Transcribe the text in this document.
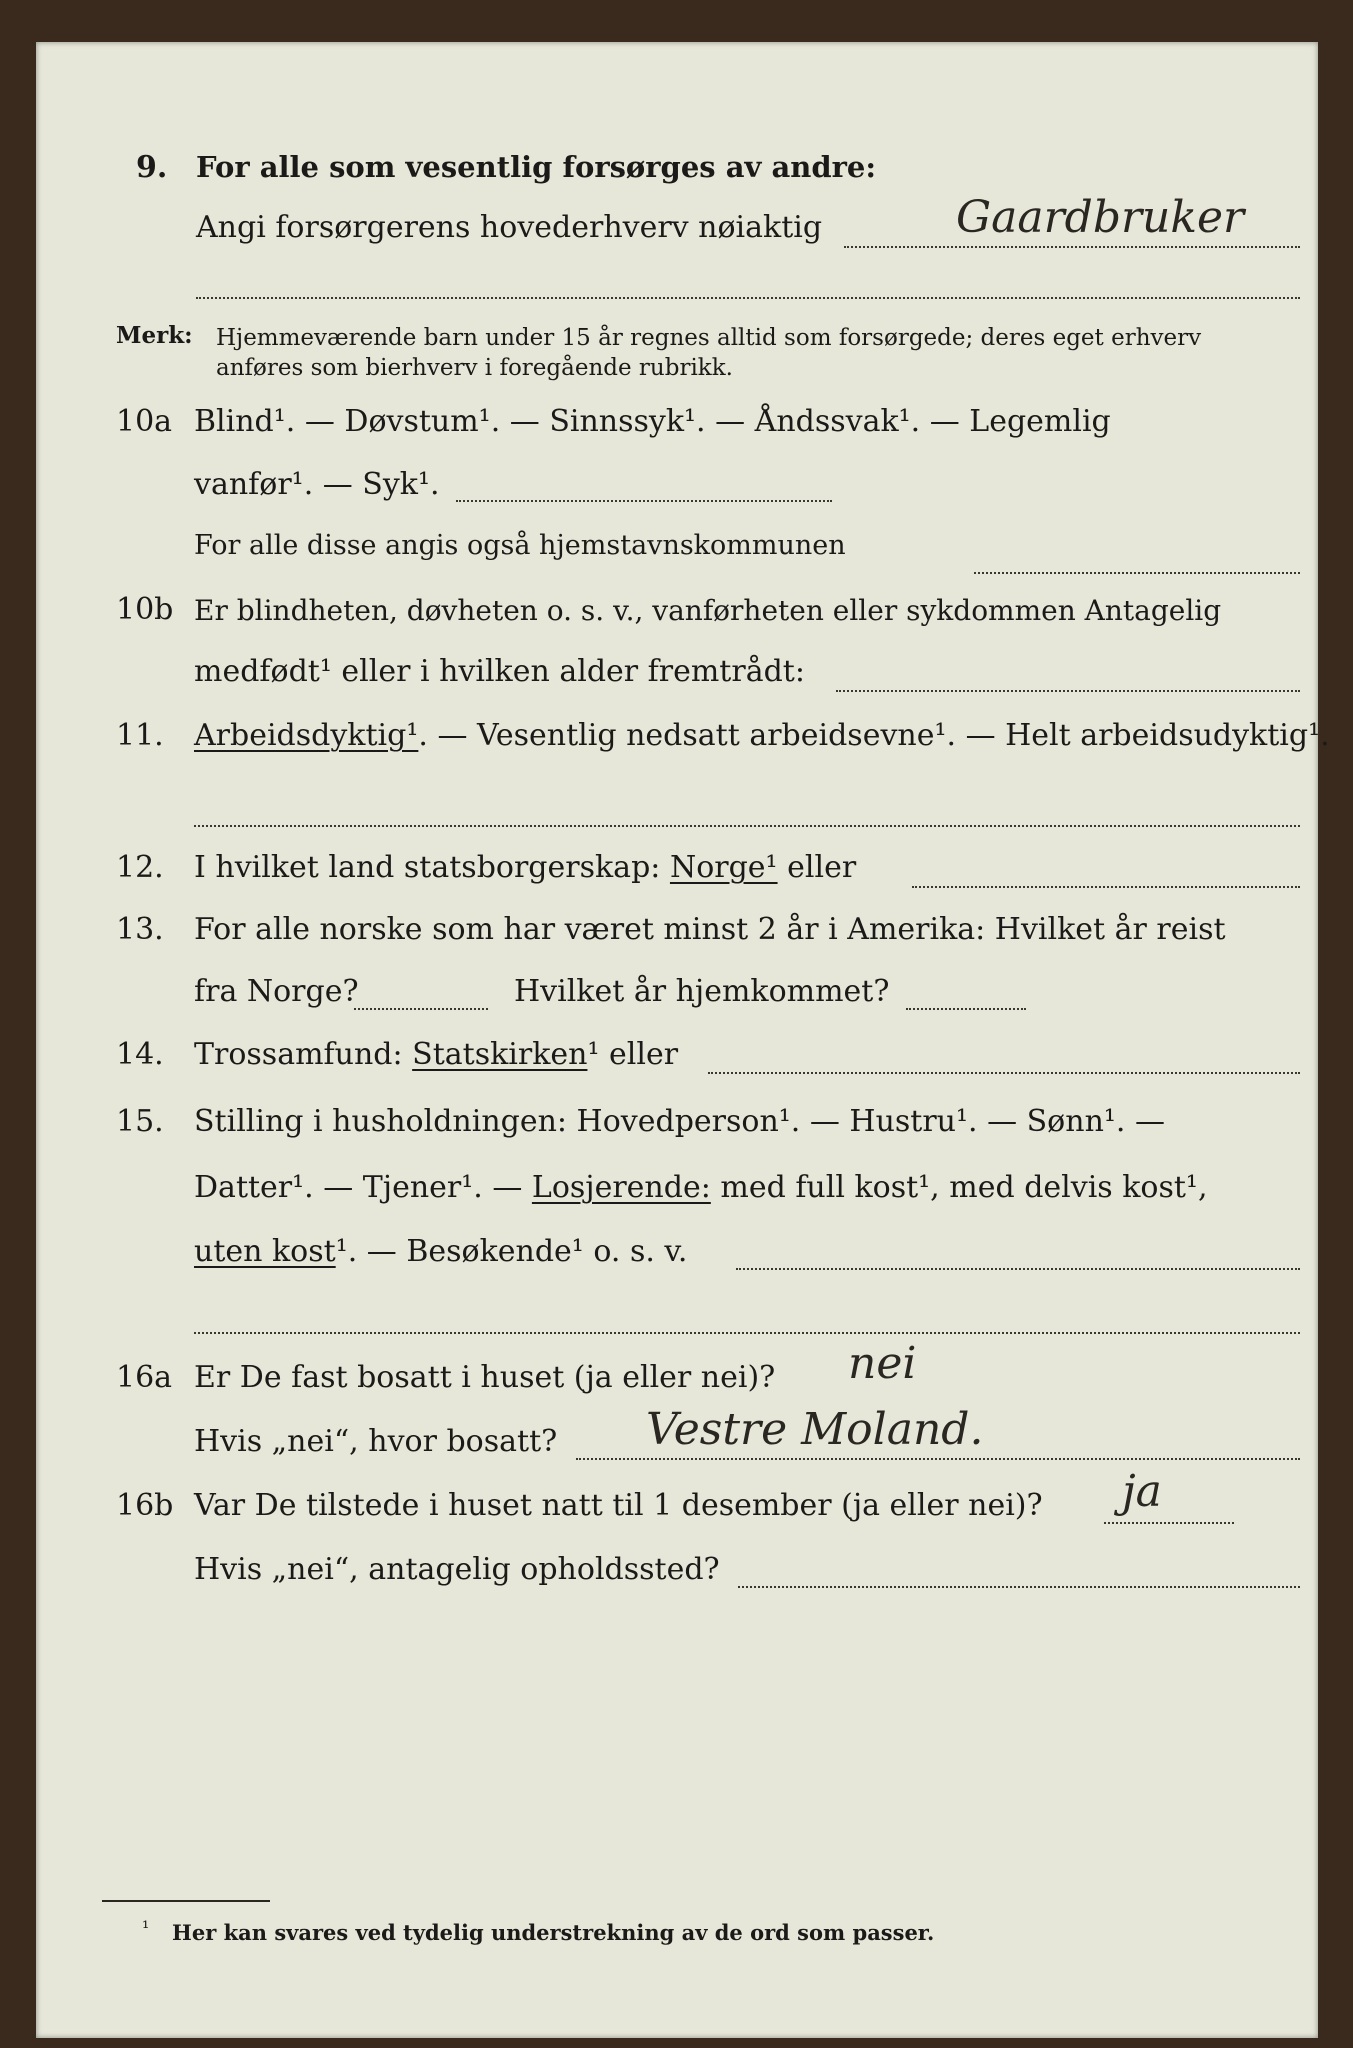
9. For alle som vesentlig forsørges av andre:
Angi forsørgerens hovederhverv nøiaktig	Gaardbruker
Merk: Hjemmeværende barn under 15 år regnes alltid som forsørgede; deres eget erhverv
anføres som bierhverv i foregående rubrikk.
10a Blind¹. — Døvstum¹. — Sinnssyk¹. — Åndssvak¹. — Legemlig
vanfør¹. — Syk¹.
For alle disse angis også hjemstavnskommunen
10b Er blindheten, døvheten o. s. v., vanførheten eller sykdommen Antagelig
medfødt¹ eller i hvilken alder fremtrådt:
11. Arbeidsdyktig¹. — Vesentlig nedsatt arbeidsevne¹. — Helt arbeidsudyktig¹.
12. I hvilket land statsborgerskap: Norge¹ eller
13. For alle norske som har været minst 2 år i Amerika: Hvilket år reist
fra Norge?	Hvilket år hjemkommet?
14. Trossamfund: Statskirken¹ eller
15. Stilling i husholdningen: Hovedperson¹. — Hustru¹. — Sønn¹. —
Datter¹. — Tjener¹. — Losjerende: med full kost¹, med delvis kost¹,
uten kost¹. — Besøkende¹ o. s. v.
16a Er De fast bosatt i huset (ja eller nei)? nei
Hvis „nei“, hvor bosatt? Vestre Moland.
16b Var De tilstede i huset natt til 1 desember (ja eller nei)? ja
Hvis „nei“, antagelig opholdssted?
¹ Her kan svares ved tydelig understrekning av de ord som passer.
